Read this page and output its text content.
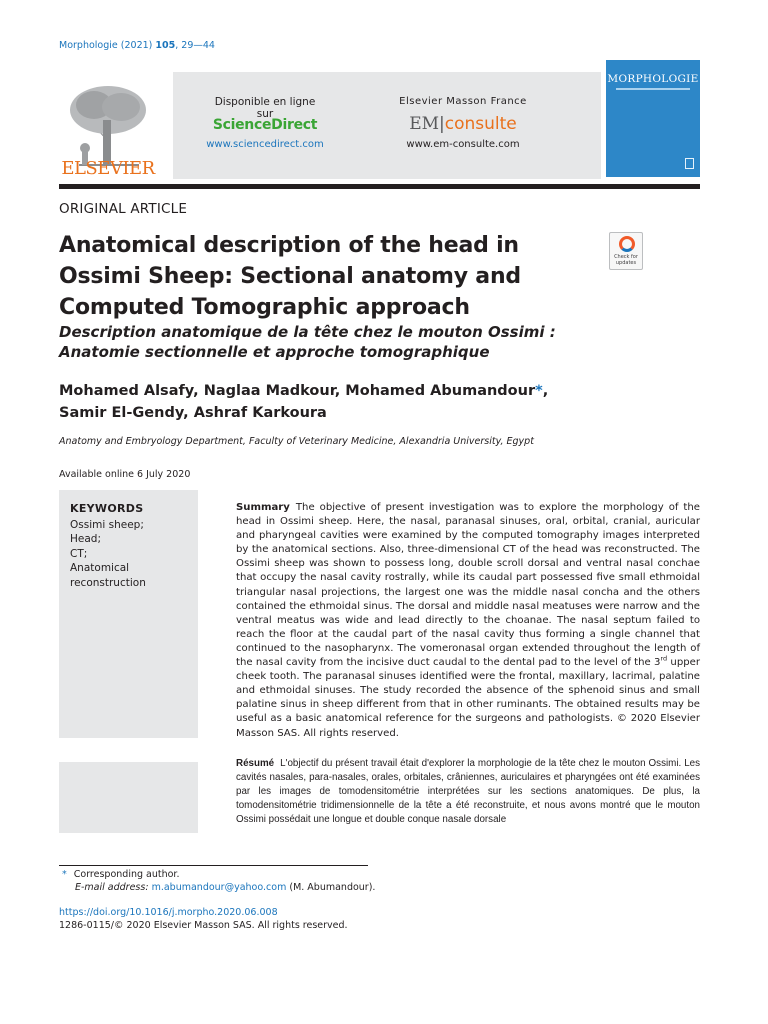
Morphologie (2021) 105, 29—44
ELSEVIER
Disponible en ligne sur
ScienceDirect
www.sciencedirect.com
Elsevier Masson France
EM|consulte
www.em-consulte.com
MORPHOLOGIE
ORIGINAL ARTICLE
Check for
updates
Anatomical description of the head in Ossimi Sheep: Sectional anatomy and Computed Tomographic approach
Description anatomique de la tête chez le mouton Ossimi : Anatomie sectionnelle et approche tomographique
Mohamed Alsafy, Naglaa Madkour, Mohamed Abumandour*,
Samir El-Gendy, Ashraf Karkoura
Anatomy and Embryology Department, Faculty of Veterinary Medicine, Alexandria University, Egypt
Available online 6 July 2020
KEYWORDS
Ossimi sheep;
Head;
CT;
Anatomical reconstruction
Summary The objective of present investigation was to explore the morphology of the head in Ossimi sheep. Here, the nasal, paranasal sinuses, oral, orbital, cranial, auricular and pharyngeal cavities were examined by the computed tomography images interpreted by the anatomical sections. Also, three-dimensional CT of the head was reconstructed. The Ossimi sheep was shown to possess long, double scroll dorsal and ventral nasal conchae that occupy the nasal cavity rostrally, while its caudal part possessed five small ethmoidal triangular nasal projections, the largest one was the middle nasal concha and the others contained the ethmoidal sinus. The dorsal and middle nasal meatuses were narrow and the ventral meatus was wide and lead directly to the choanae. The nasal septum failed to reach the floor at the caudal part of the nasal cavity thus forming a single channel that continued to the nasopharynx. The vomeronasal organ extended throughout the length of the nasal cavity from the incisive duct caudal to the dental pad to the level of the 3rd upper cheek tooth. The paranasal sinuses identified were the frontal, maxillary, lacrimal, palatine and ethmoidal sinuses. The study recorded the absence of the sphenoid sinus and small palatine sinus in sheep different from that in other ruminants. The obtained results may be useful as a basic anatomical reference for the surgeons and pathologists. © 2020 Elsevier Masson SAS. All rights reserved.
Résumé L'objectif du présent travail était d'explorer la morphologie de la tête chez le mouton Ossimi. Les cavités nasales, para-nasales, orales, orbitales, crâniennes, auriculaires et pharyngées ont été examinées par les images de tomodensitométrie interprétées sur les sections anatomiques. De plus, la tomodensitométrie tridimensionnelle de la tête a été reconstruite, et nous avons montré que le mouton Ossimi possédait une longue et double conque nasale dorsale
* Corresponding author.
E-mail address: m.abumandour@yahoo.com (M. Abumandour).
https://doi.org/10.1016/j.morpho.2020.06.008
1286-0115/© 2020 Elsevier Masson SAS. All rights reserved.
